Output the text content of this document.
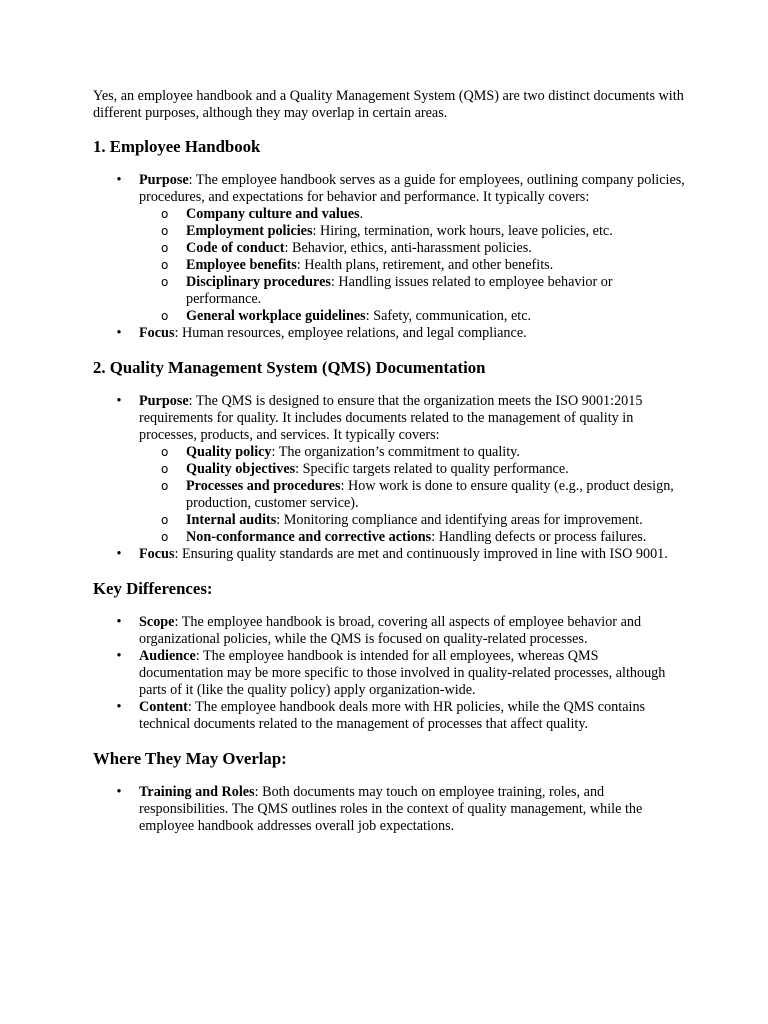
Yes, an employee handbook and a Quality Management System (QMS) are two distinct documents with different purposes, although they may overlap in certain areas.

1. Employee Handbook
• Purpose: The employee handbook serves as a guide for employees, outlining company policies, procedures, and expectations for behavior and performance. It typically covers:
o Company culture and values.
o Employment policies: Hiring, termination, work hours, leave policies, etc.
o Code of conduct: Behavior, ethics, anti-harassment policies.
o Employee benefits: Health plans, retirement, and other benefits.
o Disciplinary procedures: Handling issues related to employee behavior or performance.
o General workplace guidelines: Safety, communication, etc.
• Focus: Human resources, employee relations, and legal compliance.
2. Quality Management System (QMS) Documentation
• Purpose: The QMS is designed to ensure that the organization meets the ISO 9001:2015 requirements for quality. It includes documents related to the management of quality in processes, products, and services. It typically covers:
o Quality policy: The organization’s commitment to quality.
o Quality objectives: Specific targets related to quality performance.
o Processes and procedures: How work is done to ensure quality (e.g., product design, production, customer service).
o Internal audits: Monitoring compliance and identifying areas for improvement.
o Non-conformance and corrective actions: Handling defects or process failures.
• Focus: Ensuring quality standards are met and continuously improved in line with ISO 9001.
Key Differences:
• Scope: The employee handbook is broad, covering all aspects of employee behavior and organizational policies, while the QMS is focused on quality-related processes.
• Audience: The employee handbook is intended for all employees, whereas QMS documentation may be more specific to those involved in quality-related processes, although parts of it (like the quality policy) apply organization-wide.
• Content: The employee handbook deals more with HR policies, while the QMS contains technical documents related to the management of processes that affect quality.
Where They May Overlap:
• Training and Roles: Both documents may touch on employee training, roles, and responsibilities. The QMS outlines roles in the context of quality management, while the employee handbook addresses overall job expectations.
